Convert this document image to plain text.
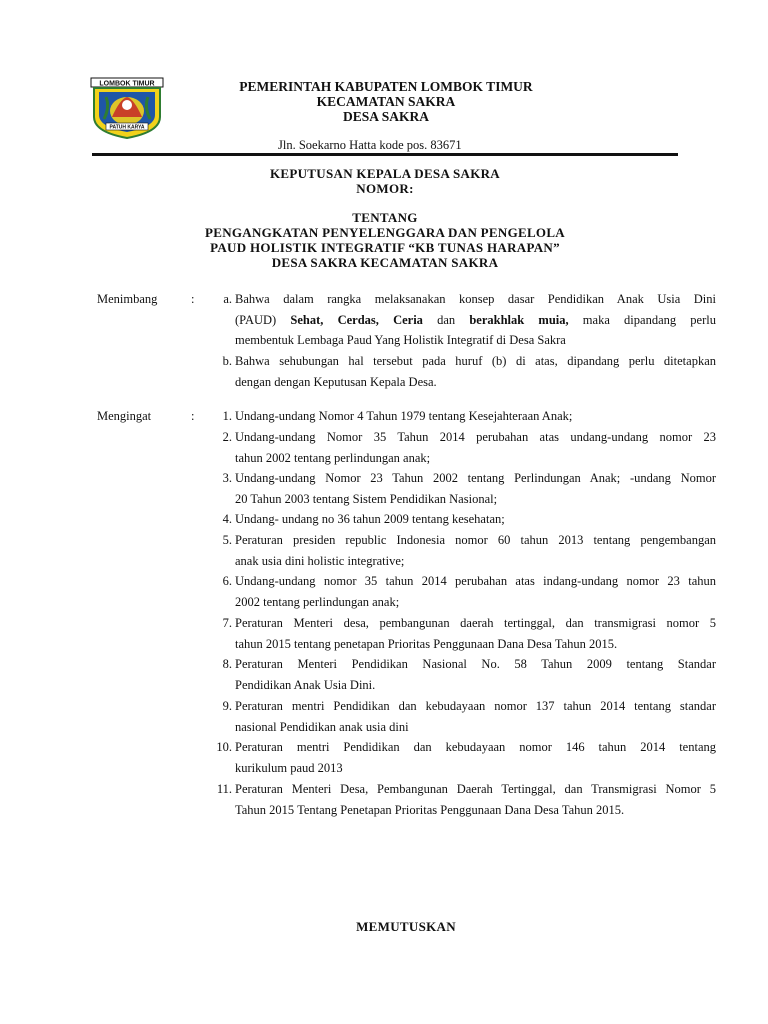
LOMBOK TIMUR
PATUH KARYA
PEMERINTAH KABUPATEN LOMBOK TIMUR
KECAMATAN SAKRA
DESA SAKRA
Jln. Soekarno Hatta kode pos. 83671
KEPUTUSAN KEPALA DESA SAKRA
NOMOR:
TENTANG
PENGANGKATAN PENYELENGGARA DAN PENGELOLA
PAUD HOLISTIK INTEGRATIF “KB TUNAS HARAPAN”
DESA SAKRA KECAMATAN SAKRA
Menimbang	:	a. Bahwa dalam rangka melaksanakan konsep dasar Pendidikan Anak Usia Dini
(PAUD) Sehat, Cerdas, Ceria dan berakhlak muia, maka dipandang perlu
membentuk Lembaga Paud Yang Holistik Integratif di Desa Sakra
b. Bahwa sehubungan hal tersebut pada huruf (b) di atas, dipandang perlu ditetapkan
dengan dengan Keputusan Kepala Desa.
Mengingat	:	1. Undang-undang Nomor 4 Tahun 1979 tentang Kesejahteraan Anak;
2. Undang-undang Nomor 35 Tahun 2014 perubahan atas undang-undang nomor 23
tahun 2002 tentang perlindungan anak;
3. Undang-undang Nomor 23 Tahun 2002 tentang Perlindungan Anak; -undang Nomor
20 Tahun 2003 tentang Sistem Pendidikan Nasional;
4. Undang- undang no 36 tahun 2009 tentang kesehatan;
5. Peraturan presiden republic Indonesia nomor 60 tahun 2013 tentang pengembangan
anak usia dini holistic integrative;
6. Undang-undang nomor 35 tahun 2014 perubahan atas indang-undang nomor 23 tahun
2002 tentang perlindungan anak;
7. Peraturan Menteri desa, pembangunan daerah tertinggal, dan transmigrasi nomor 5
tahun 2015 tentang penetapan Prioritas Penggunaan Dana Desa Tahun 2015.
8. Peraturan Menteri Pendidikan Nasional No. 58 Tahun 2009 tentang Standar
Pendidikan Anak Usia Dini.
9. Peraturan mentri Pendidikan dan kebudayaan nomor 137 tahun 2014 tentang standar
nasional Pendidikan anak usia dini
10. Peraturan mentri Pendidikan dan kebudayaan nomor 146 tahun 2014 tentang
kurikulum paud 2013
11. Peraturan Menteri Desa, Pembangunan Daerah Tertinggal, dan Transmigrasi Nomor 5
Tahun 2015 Tentang Penetapan Prioritas Penggunaan Dana Desa Tahun 2015.
MEMUTUSKAN
